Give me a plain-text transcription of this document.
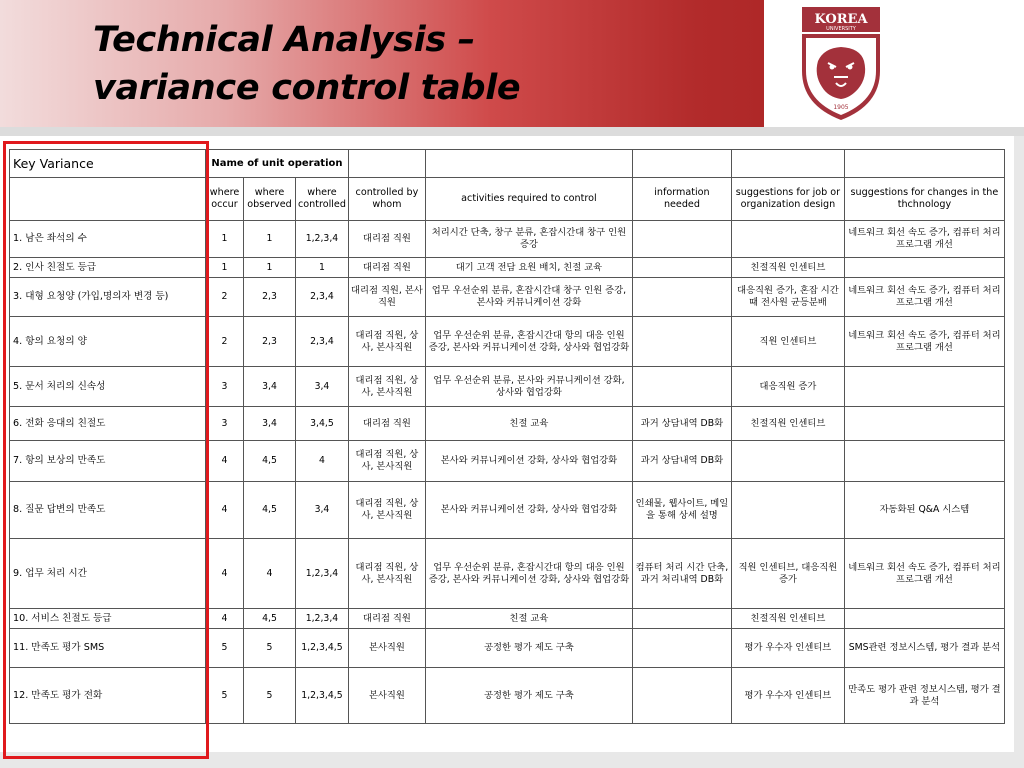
Technical Analysis –
variance control table
KOREA
UNIVERSITY
1905
Key Variance	Name of unit operation							
	where occur	where observed	where controlled	controlled by whom	activities required to control	information needed	suggestions for job or organization design	suggestions for changes in the thchnology
1. 남은 좌석의 수	1	1	1,2,3,4	대리점 직원	처리시간 단축, 창구 분류, 혼잡시간대 창구 인원 증강			네트워크 회선 속도 증가, 컴퓨터 처리 프로그램 개선
2. 인사 친절도 등급	1	1	1	대리점 직원	대기 고객 전담 요원 배치, 친절 교육		친절직원 인센티브	
3. 대형 요청양 (가입,명의자 변경 등)	2	2,3	2,3,4	대리점 직원, 본사직원	업무 우선순위 분류, 혼잡시간대 창구 인원 증강, 본사와 커뮤니케이션 강화		대응직원 증가, 혼잡 시간때 전사원 균등분배	네트워크 회선 속도 증가, 컴퓨터 처리 프로그램 개선
4. 항의 요청의 양	2	2,3	2,3,4	대리점 직원, 상사, 본사직원	업무 우선순위 분류, 혼잡시간대 항의 대응 인원 증강, 본사와 커뮤니케이션 강화, 상사와 협업강화		직원 인센티브	네트워크 회선 속도 증가, 컴퓨터 처리 프로그램 개선
5. 문서 처리의 신속성	3	3,4	3,4	대리점 직원, 상사, 본사직원	업무 우선순위 분류, 본사와 커뮤니케이션 강화, 상사와 협업강화		대응직원 증가	
6. 전화 응대의 친절도	3	3,4	3,4,5	대리점 직원	친절 교육	과거 상담내역 DB화	친절직원 인센티브	
7. 항의 보상의 만족도	4	4,5	4	대리점 직원, 상사, 본사직원	본사와 커뮤니케이션 강화, 상사와 협업강화	과거 상담내역 DB화		
8. 질문 답변의 만족도	4	4,5	3,4	대리점 직원, 상사, 본사직원	본사와 커뮤니케이션 강화, 상사와 협업강화	인쇄물, 웹사이트, 메일을 통해 상세 설명		자동화된 Q&A 시스템
9. 업무 처리 시간	4	4	1,2,3,4	대리점 직원, 상사, 본사직원	업무 우선순위 분류, 혼잡시간대 항의 대응 인원 증강, 본사와 커뮤니케이션 강화, 상사와 협업강화	컴퓨터 처리 시간 단축, 과거 처리내역 DB화	직원 인센티브, 대응직원 증가	네트워크 회선 속도 증가, 컴퓨터 처리 프로그램 개선
10. 서비스 친절도 등급	4	4,5	1,2,3,4	대리점 직원	친절 교육		친절직원 인센티브	
11. 만족도 평가 SMS	5	5	1,2,3,4,5	본사직원	공정한 평가 제도 구축		평가 우수자 인센티브	SMS관련 정보시스템, 평가 결과 분석
12. 만족도 평가 전화	5	5	1,2,3,4,5	본사직원	공정한 평가 제도 구축		평가 우수자 인센티브	만족도 평가 관련 정보시스템, 평가 결과 분석
